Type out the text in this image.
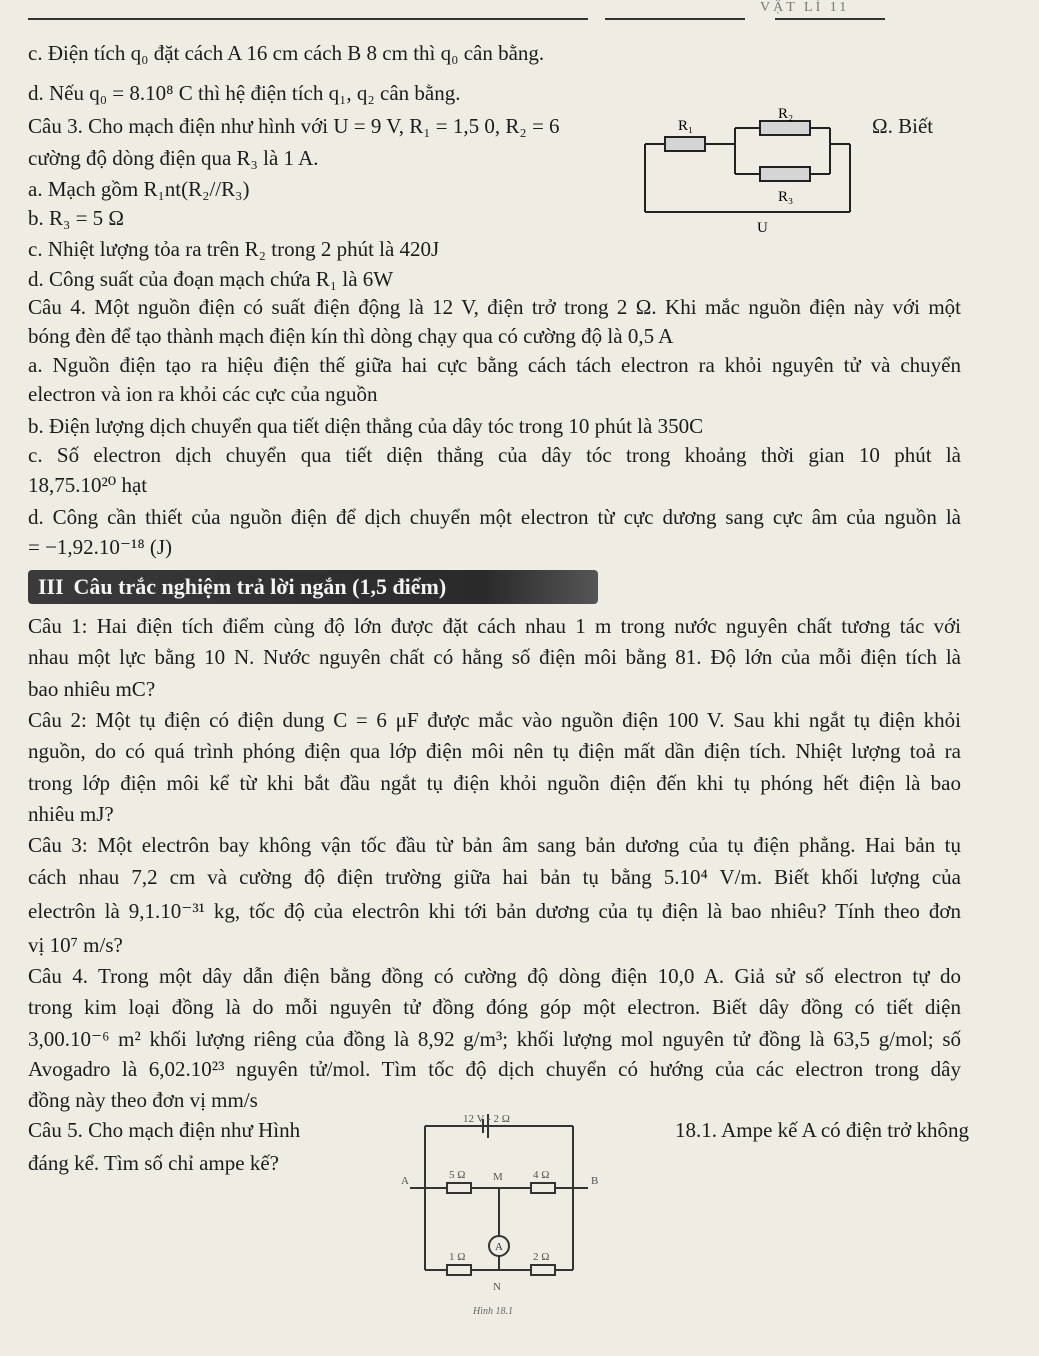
VẬT LÍ 11
c. Điện tích q₀ đặt cách A 16 cm cách B 8 cm thì q₀ cân bằng.
d. Nếu q₀ = 8.10⁸ C thì hệ điện tích q₁, q₂ cân bằng.
Câu 3. Cho mạch điện như hình với U = 9 V, R₁ = 1,5 0, R₂ = 6	Ω. Biết
cường độ dòng điện qua R₃ là 1 A.
a. Mạch gồm R₁nt(R₂//R₃)
b. R₃ = 5 Ω
c. Nhiệt lượng tỏa ra trên R₂ trong 2 phút là 420J
d. Công suất của đoạn mạch chứa R₁ là 6W
R₁
R₂
R₃
U
Câu 4. Một nguồn điện có suất điện động là 12 V, điện trở trong 2 Ω. Khi mắc nguồn điện này với một
bóng đèn để tạo thành mạch điện kín thì dòng chạy qua có cường độ là 0,5 A
a. Nguồn điện tạo ra hiệu điện thế giữa hai cực bằng cách tách electron ra khỏi nguyên tử và chuyển
electron và ion ra khỏi các cực của nguồn
b. Điện lượng dịch chuyển qua tiết diện thẳng của dây tóc trong 10 phút là 350C
c. Số electron dịch chuyển qua tiết diện thẳng của dây tóc trong khoảng thời gian 10 phút là
18,75.10²⁰ hạt
d. Công cần thiết của nguồn điện để dịch chuyển một electron từ cực dương sang cực âm của nguồn là
= −1,92.10⁻¹⁸ (J)
III Câu trắc nghiệm trả lời ngắn (1,5 điểm)
Câu 1: Hai điện tích điểm cùng độ lớn được đặt cách nhau 1 m trong nước nguyên chất tương tác với
nhau một lực bằng 10 N. Nước nguyên chất có hằng số điện môi bằng 81. Độ lớn của mỗi điện tích là
bao nhiêu mC?
Câu 2: Một tụ điện có điện dung C = 6 μF được mắc vào nguồn điện 100 V. Sau khi ngắt tụ điện khỏi
nguồn, do có quá trình phóng điện qua lớp điện môi nên tụ điện mất dần điện tích. Nhiệt lượng toả ra
trong lớp điện môi kể từ khi bắt đầu ngắt tụ điện khỏi nguồn điện đến khi tụ phóng hết điện là bao
nhiêu mJ?
Câu 3: Một electrôn bay không vận tốc đầu từ bản âm sang bản dương của tụ điện phẳng. Hai bản tụ
cách nhau 7,2 cm và cường độ điện trường giữa hai bản tụ bằng 5.10⁴ V/m. Biết khối lượng của
electrôn là 9,1.10⁻³¹ kg, tốc độ của electrôn khi tới bản dương của tụ điện là bao nhiêu? Tính theo đơn
vị 10⁷ m/s?
Câu 4. Trong một dây dẫn điện bằng đồng có cường độ dòng điện 10,0 A. Giả sử số electron tự do
trong kim loại đồng là do mỗi nguyên tử đồng đóng góp một electron. Biết dây đồng có tiết diện
3,00.10⁻⁶ m² khối lượng riêng của đồng là 8,92 g/m³; khối lượng mol nguyên tử đồng là 63,5 g/mol; số
Avogadro là 6,02.10²³ nguyên tử/mol. Tìm tốc độ dịch chuyển có hướng của các electron trong dây
đồng này theo đơn vị mm/s
Câu 5. Cho mạch điện như Hình	18.1. Ampe kế A có điện trở không
đáng kể. Tìm số chỉ ampe kế?
12 V - 2 Ω
A	B
M
N
5 Ω	4 Ω
1 Ω	2 Ω
A
Hình 18.1
